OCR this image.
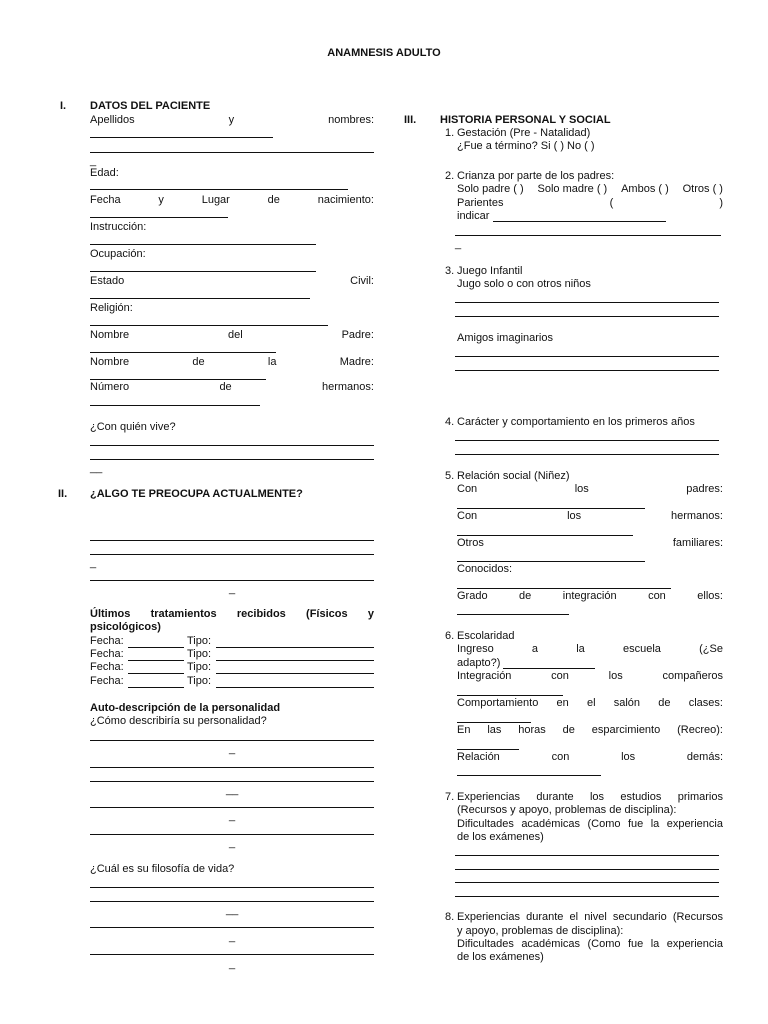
ANAMNESIS ADULTO
I. DATOS DEL PACIENTE
Apellidos	y	nombres:
_
Edad:
Fecha	y	Lugar	de	nacimiento:
Instrucción:
Ocupación:
Estado	Civil:
Religión:
Nombre	del	Padre:
Nombre	de	la	Madre:
Número	de	hermanos:
¿Con quién vive?
__
II. ¿ALGO TE PREOCUPA ACTUALMENTE?
_
_
Últimos tratamientos recibidos (Físicos y
psicológicos)
Fecha:	Tipo:
Fecha:	Tipo:
Fecha:	Tipo:
Fecha:	Tipo:
Auto-descripción de la personalidad
¿Cómo describiría su personalidad?
_
__
_
_
¿Cuál es su filosofía de vida?
__
_
_
III. HISTORIA PERSONAL Y SOCIAL
1. Gestación (Pre - Natalidad)
¿Fue a término? Si ( ) No ( )
2. Crianza por parte de los padres:
Solo padre ( ) Solo madre ( ) Ambos ( ) Otros ( )
Parientes	(	)
indicar
_
3. Juego Infantil
Jugo solo o con otros niños
Amigos imaginarios
4. Carácter y comportamiento en los primeros años
5. Relación social (Niñez)
Con	los	padres:
Con	los	hermanos:
Otros	familiares:
Conocidos:
Grado	de	integración	con	ellos:
6. Escolaridad
Ingreso	a	la	escuela	(¿Se
adapto?)
Integración	con	los	compañeros
Comportamiento en el salón de clases:
En las horas de esparcimiento (Recreo):
Relación	con	los	demás:
7. Experiencias durante los estudios primarios
(Recursos y apoyo, problemas de disciplina):
Dificultades académicas (Como fue la experiencia
de los exámenes)
8. Experiencias durante el nivel secundario (Recursos
y apoyo, problemas de disciplina):
Dificultades académicas (Como fue la experiencia
de los exámenes)
